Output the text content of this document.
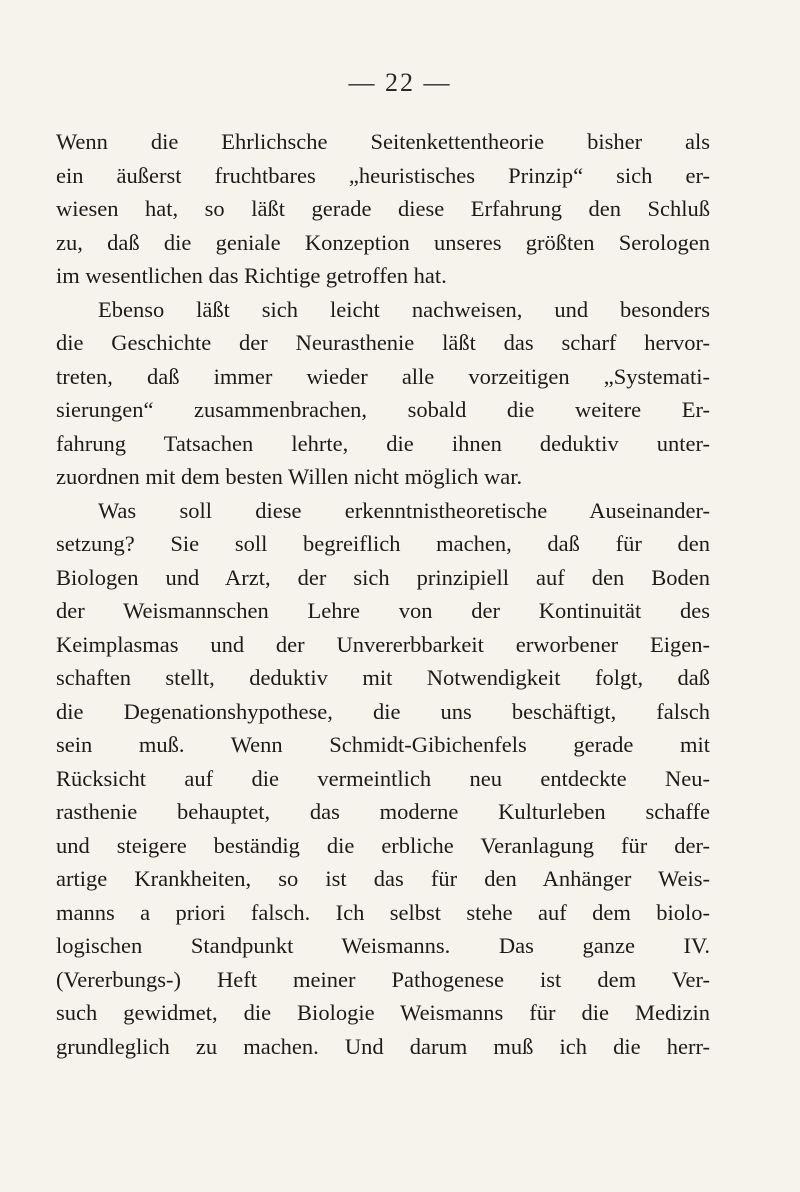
— 22 —
Wenn die Ehrlichsche Seitenkettentheorie bisher als
ein äußerst fruchtbares „heuristisches Prinzip“ sich er-
wiesen hat, so läßt gerade diese Erfahrung den Schluß
zu, daß die geniale Konzeption unseres größten Serologen
im wesentlichen das Richtige getroffen hat.
Ebenso läßt sich leicht nachweisen, und besonders
die Geschichte der Neurasthenie läßt das scharf hervor-
treten, daß immer wieder alle vorzeitigen „Systemati-
sierungen“ zusammenbrachen, sobald die weitere Er-
fahrung Tatsachen lehrte, die ihnen deduktiv unter-
zuordnen mit dem besten Willen nicht möglich war.
Was soll diese erkenntnistheoretische Auseinander-
setzung? Sie soll begreiflich machen, daß für den
Biologen und Arzt, der sich prinzipiell auf den Boden
der Weismannschen Lehre von der Kontinuität des
Keimplasmas und der Unvererbbarkeit erworbener Eigen-
schaften stellt, deduktiv mit Notwendigkeit folgt, daß
die Degenationshypothese, die uns beschäftigt, falsch
sein muß. Wenn Schmidt-Gibichenfels gerade mit
Rücksicht auf die vermeintlich neu entdeckte Neu-
rasthenie behauptet, das moderne Kulturleben schaffe
und steigere beständig die erbliche Veranlagung für der-
artige Krankheiten, so ist das für den Anhänger Weis-
manns a priori falsch. Ich selbst stehe auf dem biolo-
logischen Standpunkt Weismanns. Das ganze IV.
(Vererbungs-) Heft meiner Pathogenese ist dem Ver-
such gewidmet, die Biologie Weismanns für die Medizin
grundleglich zu machen. Und darum muß ich die herr-
